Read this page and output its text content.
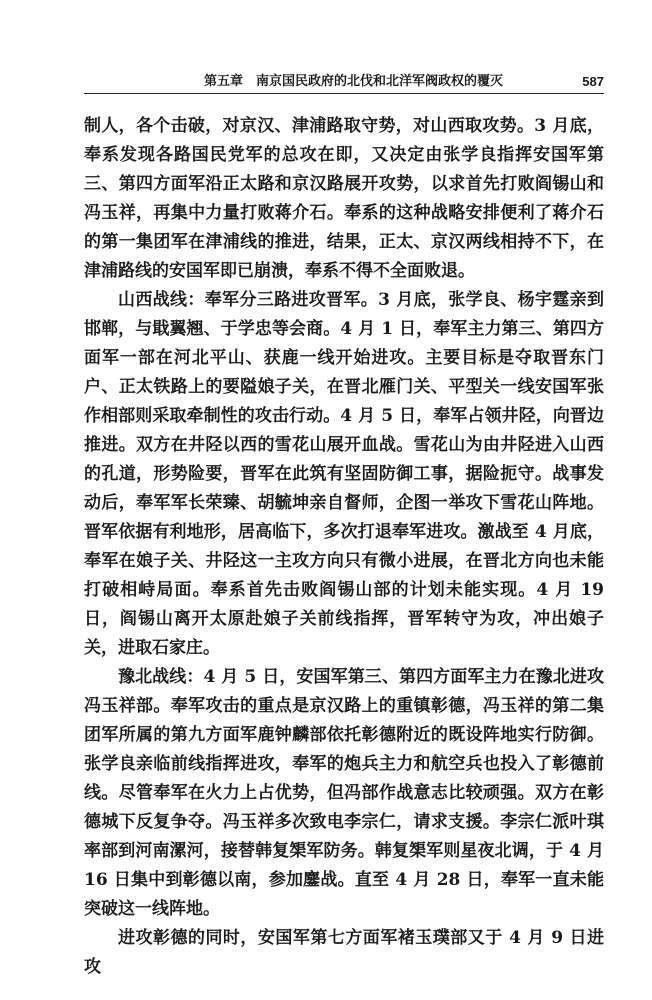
第五章　南京国民政府的北伐和北洋军阀政权的覆灭	587

制人，各个击破，对京汉、津浦路取守势，对山西取攻势。3 月底，奉系发现各路国民党军的总攻在即，又决定由张学良指挥安国军第三、第四方面军沿正太路和京汉路展开攻势，以求首先打败阎锡山和冯玉祥，再集中力量打败蒋介石。奉系的这种战略安排便利了蒋介石的第一集团军在津浦线的推进，结果，正太、京汉两线相持不下，在津浦路线的安国军即已崩溃，奉系不得不全面败退。

山西战线：奉军分三路进攻晋军。3 月底，张学良、杨宇霆亲到邯郸，与戢翼翘、于学忠等会商。4 月 1 日，奉军主力第三、第四方面军一部在河北平山、获鹿一线开始进攻。主要目标是夺取晋东门户、正太铁路上的要隘娘子关，在晋北雁门关、平型关一线安国军张作相部则采取牵制性的攻击行动。4 月 5 日，奉军占领井陉，向晋边推进。双方在井陉以西的雪花山展开血战。雪花山为由井陉进入山西的孔道，形势险要，晋军在此筑有坚固防御工事，据险扼守。战事发动后，奉军军长荣臻、胡毓坤亲自督师，企图一举攻下雪花山阵地。晋军依据有利地形，居高临下，多次打退奉军进攻。激战至 4 月底，奉军在娘子关、井陉这一主攻方向只有微小进展，在晋北方向也未能打破相峙局面。奉系首先击败阎锡山部的计划未能实现。4 月 19 日，阎锡山离开太原赴娘子关前线指挥，晋军转守为攻，冲出娘子关，进取石家庄。

豫北战线：4 月 5 日，安国军第三、第四方面军主力在豫北进攻冯玉祥部。奉军攻击的重点是京汉路上的重镇彰德，冯玉祥的第二集团军所属的第九方面军鹿钟麟部依托彰德附近的既设阵地实行防御。张学良亲临前线指挥进攻，奉军的炮兵主力和航空兵也投入了彰德前线。尽管奉军在火力上占优势，但冯部作战意志比较顽强。双方在彰德城下反复争夺。冯玉祥多次致电李宗仁，请求支援。李宗仁派叶琪率部到河南漯河，接替韩复榘军防务。韩复榘军则星夜北调，于 4 月 16 日集中到彰德以南，参加鏖战。直至 4 月 28 日，奉军一直未能突破这一线阵地。

进攻彰德的同时，安国军第七方面军褚玉璞部又于 4 月 9 日进攻
